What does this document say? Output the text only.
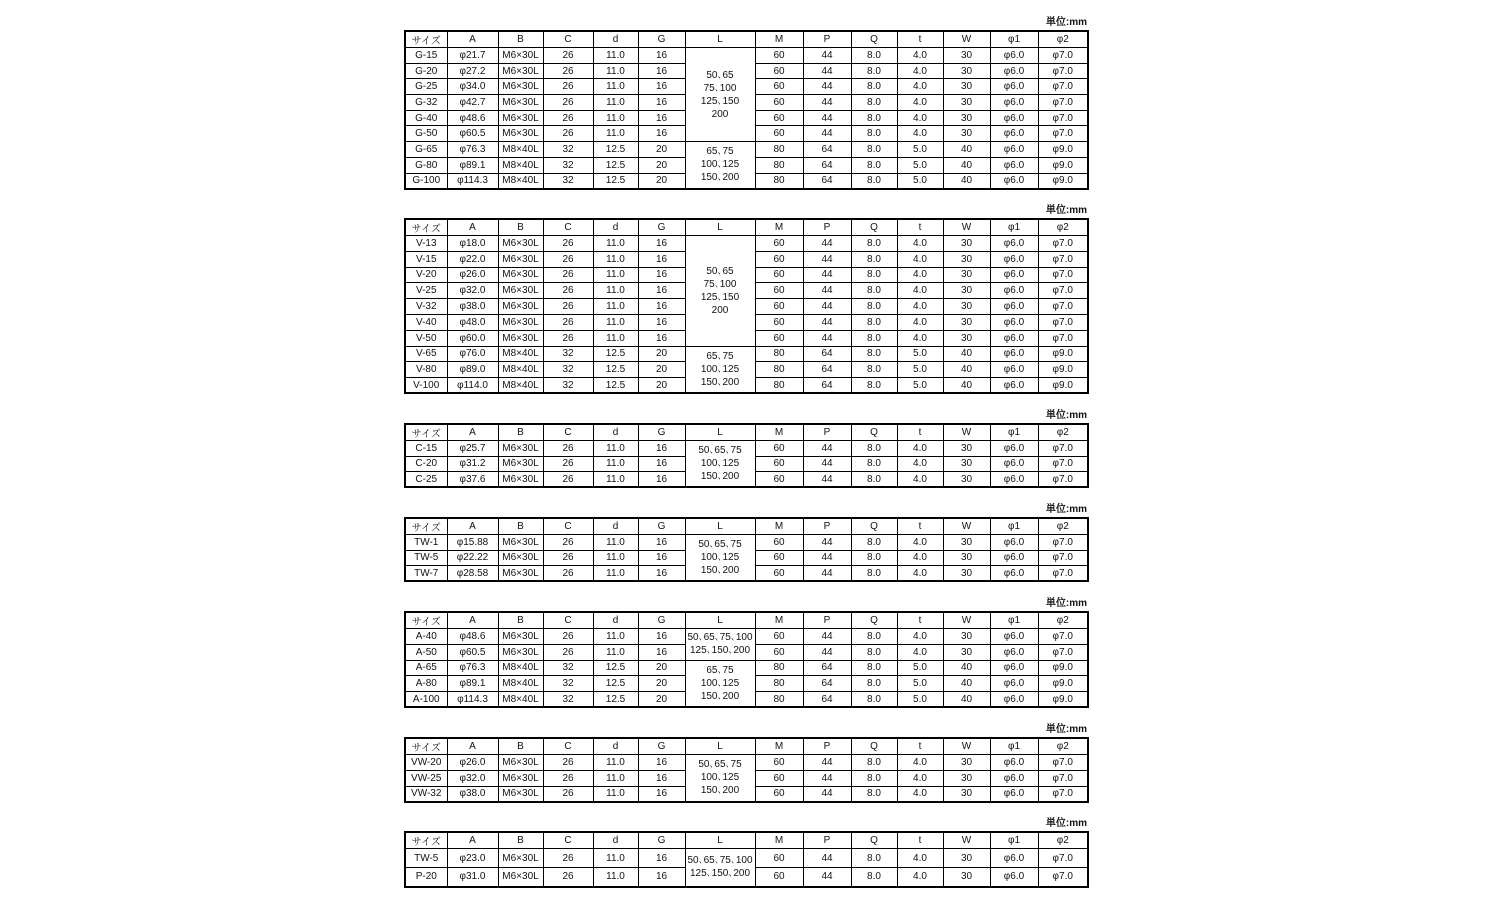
単位:mm
サイズ	A	B	C	d	G	L	M	P	Q	t	W	φ1	φ2
G-15	φ21.7	M6×30L	26	11.0	16	50､65
75､100
125､150
200	60	44	8.0	4.0	30	φ6.0	φ7.0
G-20	φ27.2	M6×30L	26	11.0	16		60	44	8.0	4.0	30	φ6.0	φ7.0
G-25	φ34.0	M6×30L	26	11.0	16		60	44	8.0	4.0	30	φ6.0	φ7.0
G-32	φ42.7	M6×30L	26	11.0	16		60	44	8.0	4.0	30	φ6.0	φ7.0
G-40	φ48.6	M6×30L	26	11.0	16		60	44	8.0	4.0	30	φ6.0	φ7.0
G-50	φ60.5	M6×30L	26	11.0	16		60	44	8.0	4.0	30	φ6.0	φ7.0
G-65	φ76.3	M8×40L	32	12.5	20	65､75
100､125
150､200	80	64	8.0	5.0	40	φ6.0	φ9.0
G-80	φ89.1	M8×40L	32	12.5	20		80	64	8.0	5.0	40	φ6.0	φ9.0
G-100	φ114.3	M8×40L	32	12.5	20		80	64	8.0	5.0	40	φ6.0	φ9.0
単位:mm
サイズ	A	B	C	d	G	L	M	P	Q	t	W	φ1	φ2
V-13	φ18.0	M6×30L	26	11.0	16	50､65
75､100
125､150
200	60	44	8.0	4.0	30	φ6.0	φ7.0
V-15	φ22.0	M6×30L	26	11.0	16		60	44	8.0	4.0	30	φ6.0	φ7.0
V-20	φ26.0	M6×30L	26	11.0	16		60	44	8.0	4.0	30	φ6.0	φ7.0
V-25	φ32.0	M6×30L	26	11.0	16		60	44	8.0	4.0	30	φ6.0	φ7.0
V-32	φ38.0	M6×30L	26	11.0	16		60	44	8.0	4.0	30	φ6.0	φ7.0
V-40	φ48.0	M6×30L	26	11.0	16		60	44	8.0	4.0	30	φ6.0	φ7.0
V-50	φ60.0	M6×30L	26	11.0	16		60	44	8.0	4.0	30	φ6.0	φ7.0
V-65	φ76.0	M8×40L	32	12.5	20	65､75
100､125
150､200	80	64	8.0	5.0	40	φ6.0	φ9.0
V-80	φ89.0	M8×40L	32	12.5	20		80	64	8.0	5.0	40	φ6.0	φ9.0
V-100	φ114.0	M8×40L	32	12.5	20		80	64	8.0	5.0	40	φ6.0	φ9.0
単位:mm
サイズ	A	B	C	d	G	L	M	P	Q	t	W	φ1	φ2
C-15	φ25.7	M6×30L	26	11.0	16	50､65､75
100､125
150､200	60	44	8.0	4.0	30	φ6.0	φ7.0
C-20	φ31.2	M6×30L	26	11.0	16		60	44	8.0	4.0	30	φ6.0	φ7.0
C-25	φ37.6	M6×30L	26	11.0	16		60	44	8.0	4.0	30	φ6.0	φ7.0
単位:mm
サイズ	A	B	C	d	G	L	M	P	Q	t	W	φ1	φ2
TW-1	φ15.88	M6×30L	26	11.0	16	50､65､75
100､125
150､200	60	44	8.0	4.0	30	φ6.0	φ7.0
TW-5	φ22.22	M6×30L	26	11.0	16		60	44	8.0	4.0	30	φ6.0	φ7.0
TW-7	φ28.58	M6×30L	26	11.0	16		60	44	8.0	4.0	30	φ6.0	φ7.0
単位:mm
サイズ	A	B	C	d	G	L	M	P	Q	t	W	φ1	φ2
A-40	φ48.6	M6×30L	26	11.0	16	50､65､75､100
125､150､200	60	44	8.0	4.0	30	φ6.0	φ7.0
A-50	φ60.5	M6×30L	26	11.0	16		60	44	8.0	4.0	30	φ6.0	φ7.0
A-65	φ76.3	M8×40L	32	12.5	20	65､75
100､125
150､200	80	64	8.0	5.0	40	φ6.0	φ9.0
A-80	φ89.1	M8×40L	32	12.5	20		80	64	8.0	5.0	40	φ6.0	φ9.0
A-100	φ114.3	M8×40L	32	12.5	20		80	64	8.0	5.0	40	φ6.0	φ9.0
単位:mm
サイズ	A	B	C	d	G	L	M	P	Q	t	W	φ1	φ2
VW-20	φ26.0	M6×30L	26	11.0	16	50､65､75
100､125
150､200	60	44	8.0	4.0	30	φ6.0	φ7.0
VW-25	φ32.0	M6×30L	26	11.0	16		60	44	8.0	4.0	30	φ6.0	φ7.0
VW-32	φ38.0	M6×30L	26	11.0	16		60	44	8.0	4.0	30	φ6.0	φ7.0
単位:mm
サイズ	A	B	C	d	G	L	M	P	Q	t	W	φ1	φ2
TW-5	φ23.0	M6×30L	26	11.0	16	50､65､75､100
125､150､200	60	44	8.0	4.0	30	φ6.0	φ7.0
P-20	φ31.0	M6×30L	26	11.0	16		60	44	8.0	4.0	30	φ6.0	φ7.0
